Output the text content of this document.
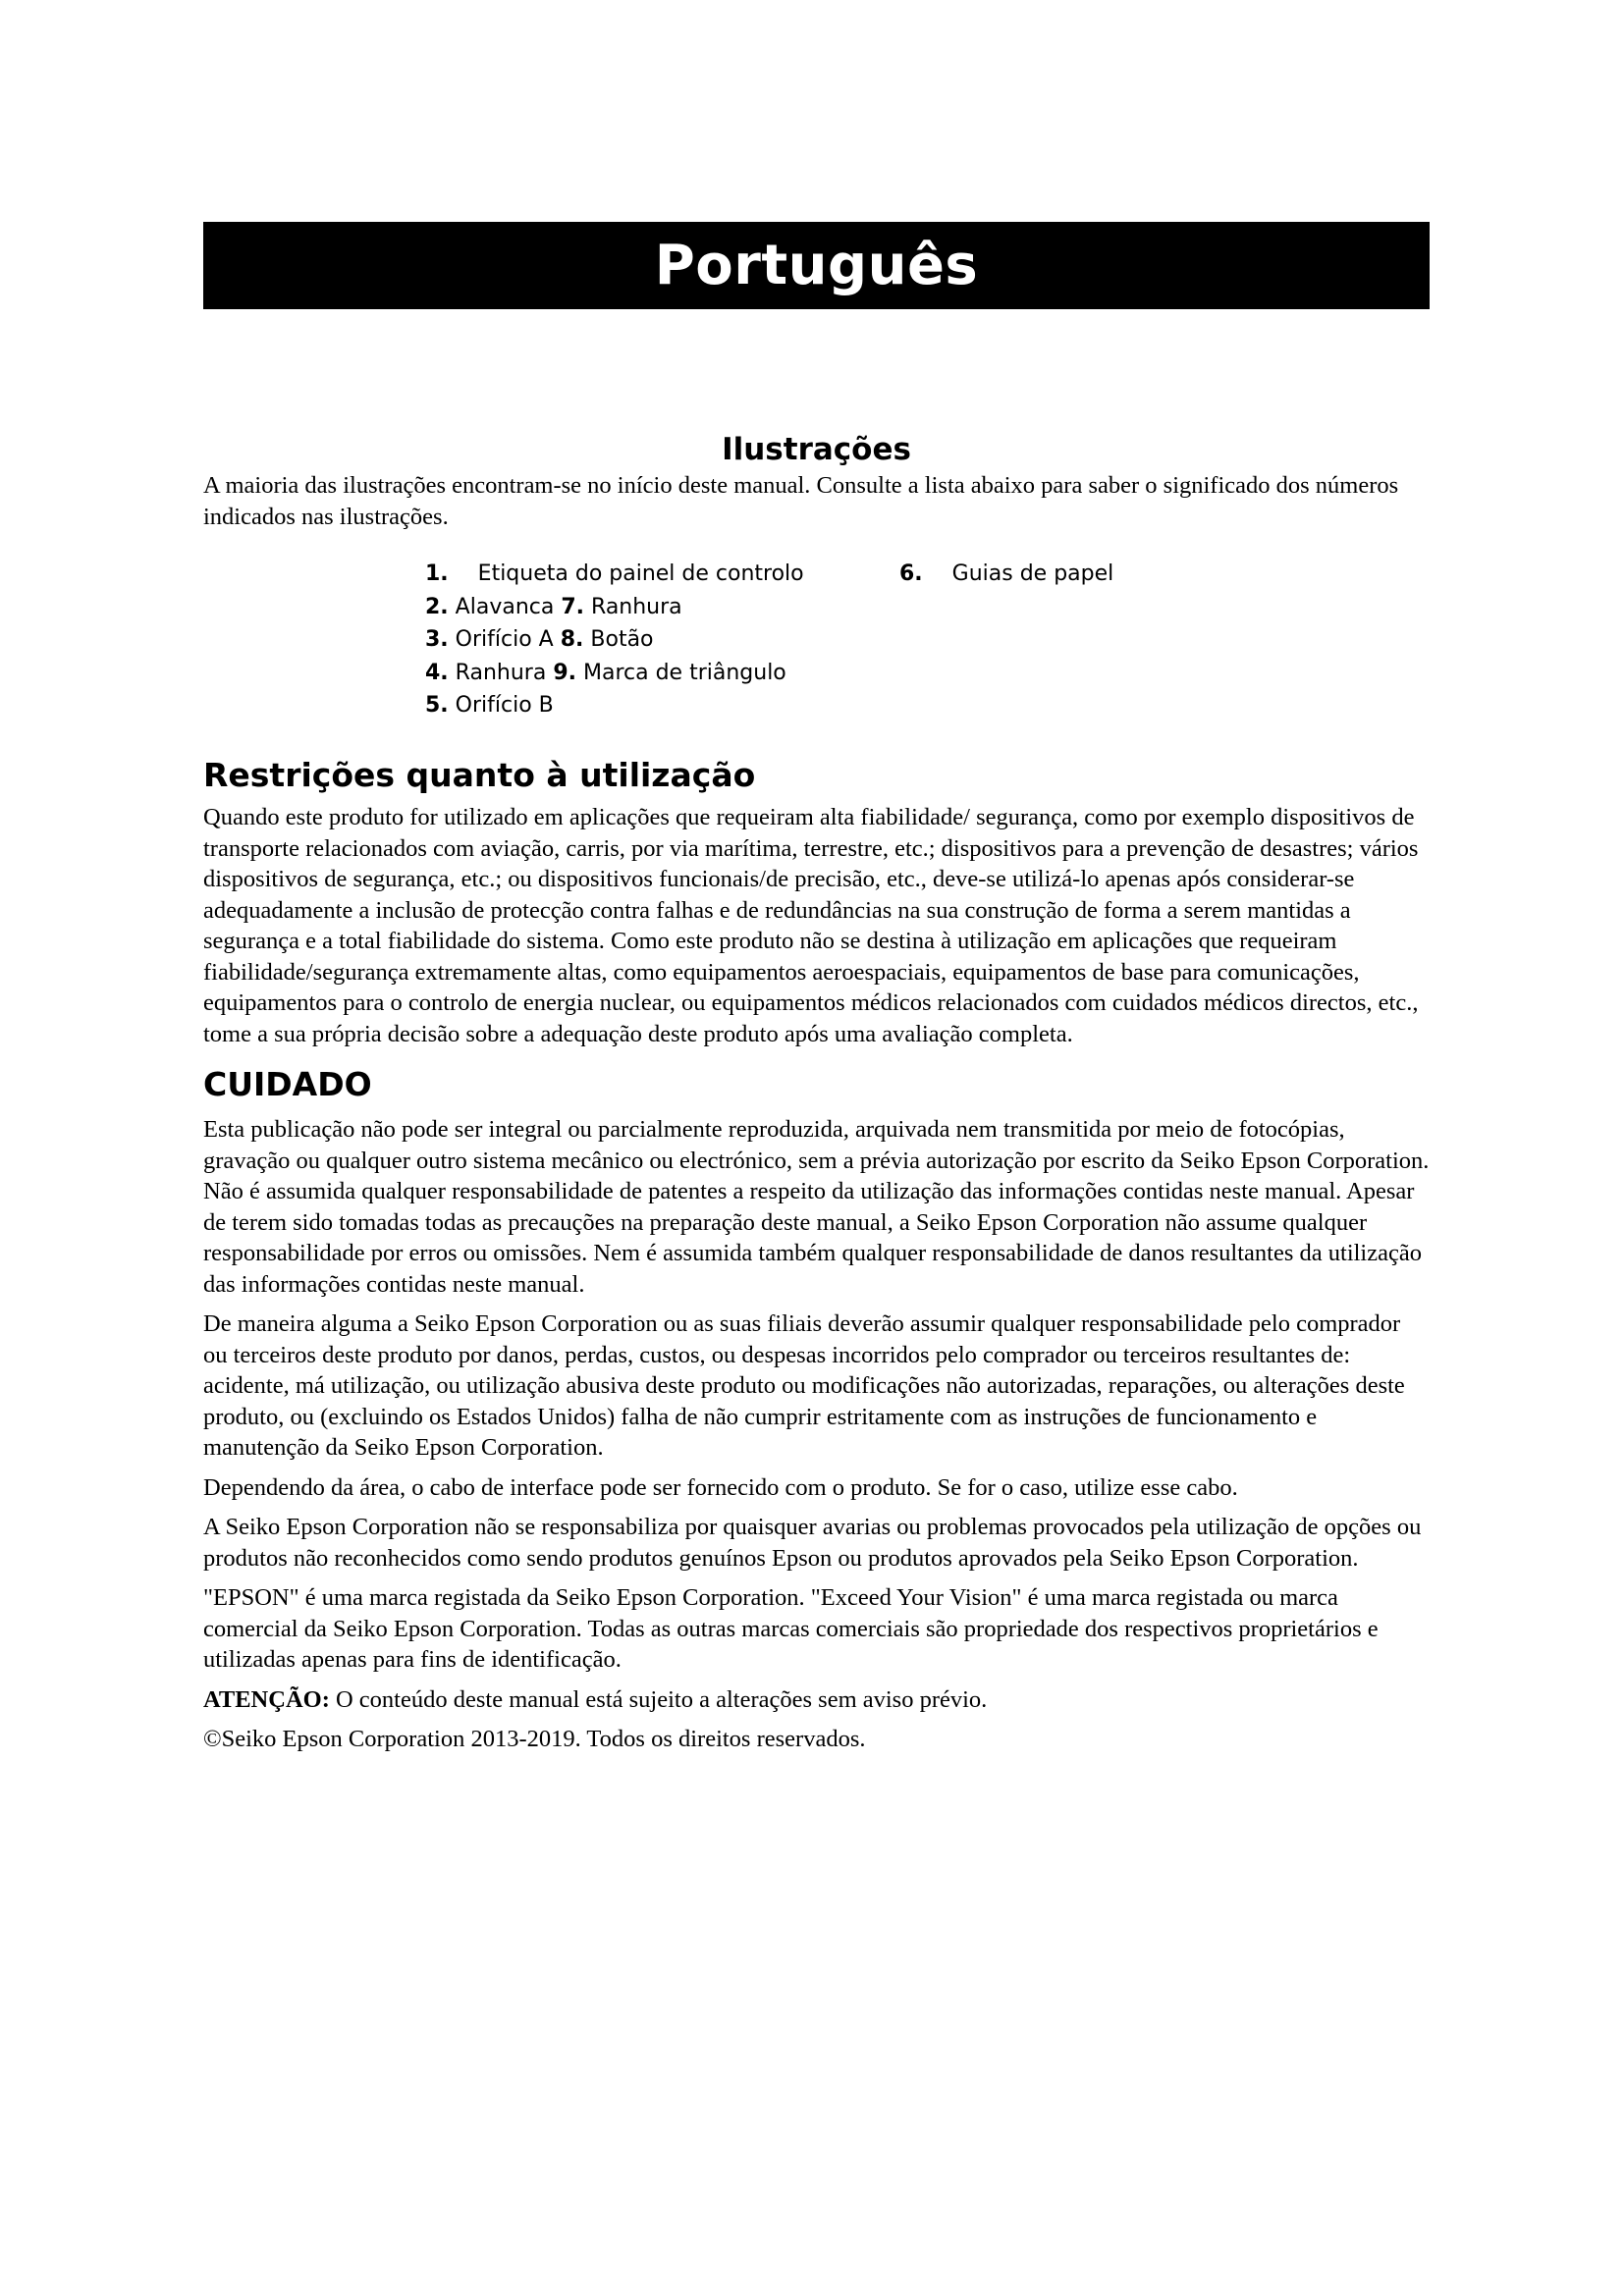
Português
Ilustrações

A maioria das ilustrações encontram-se no início deste manual. Consulte a lista abaixo para saber o significado dos números indicados nas ilustrações.

1. Etiqueta do painel de controlo
2. Alavanca 7. Ranhura
3. Orifício A 8. Botão
4. Ranhura 9. Marca de triângulo
5. Orifício B
6. Guias de papel
Restrições quanto à utilização

Quando este produto for utilizado em aplicações que requeiram alta fiabilidade/ segurança, como por exemplo dispositivos de transporte relacionados com aviação, carris, por via marítima, terrestre, etc.; dispositivos para a prevenção de desastres; vários dispositivos de segurança, etc.; ou dispositivos funcionais/de precisão, etc., deve-se utilizá-lo apenas após considerar-se adequadamente a inclusão de protecção contra falhas e de redundâncias na sua construção de forma a serem mantidas a segurança e a total fiabilidade do sistema. Como este produto não se destina à utilização em aplicações que requeiram fiabilidade/segurança extremamente altas, como equipamentos aeroespaciais, equipamentos de base para comunicações, equipamentos para o controlo de energia nuclear, ou equipamentos médicos relacionados com cuidados médicos directos, etc., tome a sua própria decisão sobre a adequação deste produto após uma avaliação completa.

CUIDADO

Esta publicação não pode ser integral ou parcialmente reproduzida, arquivada nem transmitida por meio de fotocópias, gravação ou qualquer outro sistema mecânico ou electrónico, sem a prévia autorização por escrito da Seiko Epson Corporation. Não é assumida qualquer responsabilidade de patentes a respeito da utilização das informações contidas neste manual. Apesar de terem sido tomadas todas as precauções na preparação deste manual, a Seiko Epson Corporation não assume qualquer responsabilidade por erros ou omissões. Nem é assumida também qualquer responsabilidade de danos resultantes da utilização das informações contidas neste manual.

De maneira alguma a Seiko Epson Corporation ou as suas filiais deverão assumir qualquer responsabilidade pelo comprador ou terceiros deste produto por danos, perdas, custos, ou despesas incorridos pelo comprador ou terceiros resultantes de: acidente, má utilização, ou utilização abusiva deste produto ou modificações não autorizadas, reparações, ou alterações deste produto, ou (excluindo os Estados Unidos) falha de não cumprir estritamente com as instruções de funcionamento e manutenção da Seiko Epson Corporation.

Dependendo da área, o cabo de interface pode ser fornecido com o produto. Se for o caso, utilize esse cabo.

A Seiko Epson Corporation não se responsabiliza por quaisquer avarias ou problemas provocados pela utilização de opções ou produtos não reconhecidos como sendo produtos genuínos Epson ou produtos aprovados pela Seiko Epson Corporation.

"EPSON" é uma marca registada da Seiko Epson Corporation. "Exceed Your Vision" é uma marca registada ou marca comercial da Seiko Epson Corporation. Todas as outras marcas comerciais são propriedade dos respectivos proprietários e utilizadas apenas para fins de identificação.

ATENÇÃO: O conteúdo deste manual está sujeito a alterações sem aviso prévio.

©Seiko Epson Corporation 2013-2019. Todos os direitos reservados.
